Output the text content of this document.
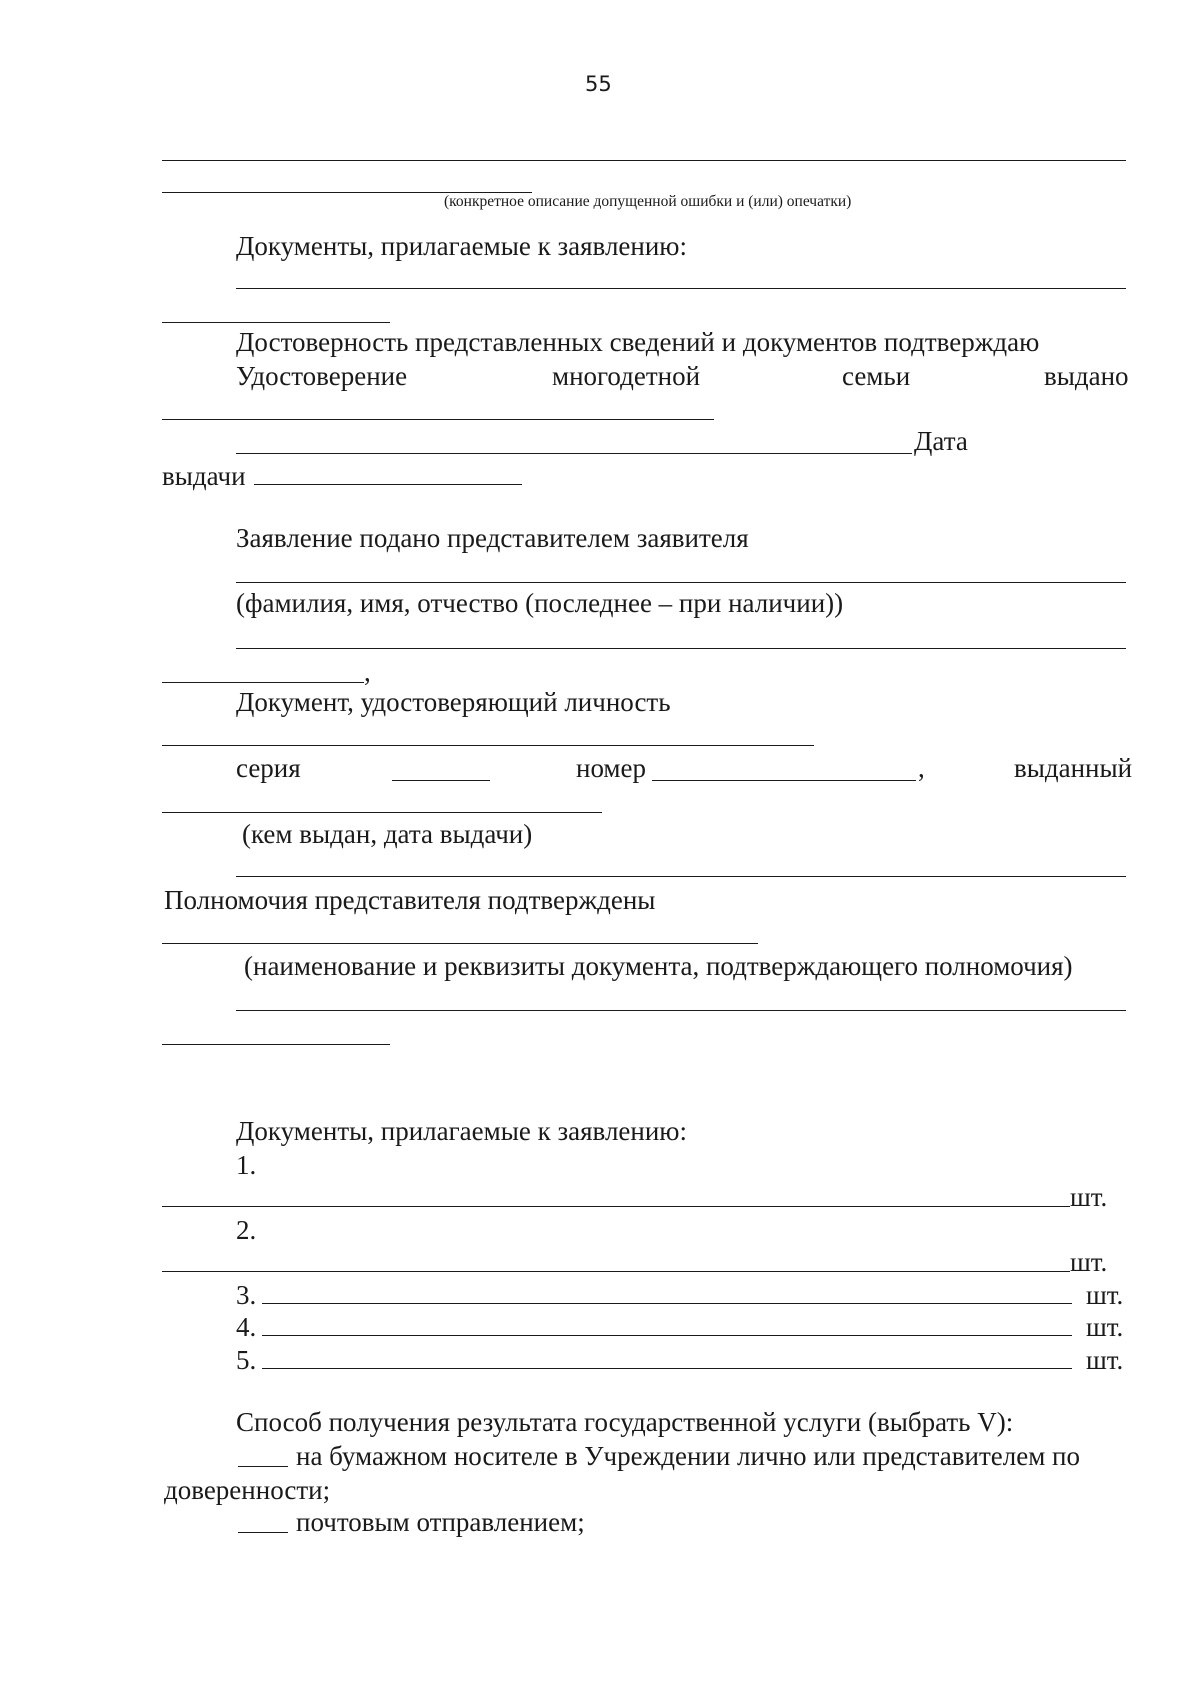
55
(конкретное описание допущенной ошибки и (или) опечатки)
Документы, прилагаемые к заявлению:
Достоверность представленных сведений и документов подтверждаю
Удостоверение	многодетной	семьи	выдано
Дата
выдачи
Заявление подано представителем заявителя
(фамилия, имя, отчество (последнее – при наличии))
,
Документ, удостоверяющий личность
серия	номер	,	выданный
(кем выдан, дата выдачи)
Полномочия представителя подтверждены
(наименование и реквизиты документа, подтверждающего полномочия)
Документы, прилагаемые к заявлению:
1.
шт.
2.
шт.
3.	шт.
4.	шт.
5.	шт.
Способ получения результата государственной услуги (выбрать V):
на бумажном носителе в Учреждении лично или представителем по
доверенности;
почтовым отправлением;
